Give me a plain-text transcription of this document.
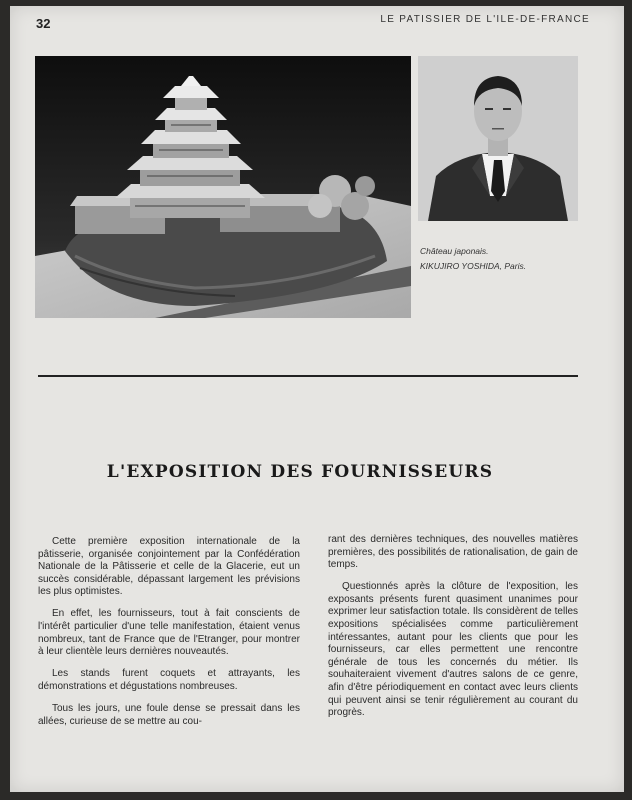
32	LE PATISSIER DE L'ILE-DE-FRANCE
Château japonais.
KIKUJIRO YOSHIDA, Paris.
L'EXPOSITION DES FOURNISSEURS

Cette première exposition internationale de la pâtisserie, organisée conjointement par la Confédération Nationale de la Pâtisserie et celle de la Glacerie, eut un succès considérable, dépassant largement les prévisions les plus optimistes.

En effet, les fournisseurs, tout à fait conscients de l'intérêt particulier d'une telle manifestation, étaient venus nombreux, tant de France que de l'Etranger, pour montrer à leur clientèle leurs dernières nouveautés.

Les stands furent coquets et attrayants, les démonstrations et dégustations nombreuses.

Tous les jours, une foule dense se pressait dans les allées, curieuse de se mettre au cou-

rant des dernières techniques, des nouvelles matières premières, des possibilités de rationalisation, de gain de temps.

Questionnés après la clôture de l'exposition, les exposants présents furent quasiment unanimes pour exprimer leur satisfaction totale. Ils considèrent de telles expositions spécialisées comme particulièrement intéressantes, autant pour les clients que pour les fournisseurs, car elles permettent une rencontre générale de tous les concernés du métier. Ils souhaiteraient vivement d'autres salons de ce genre, afin d'être périodiquement en contact avec leurs clients qui peuvent ainsi se tenir régulièrement au courant du progrès.
